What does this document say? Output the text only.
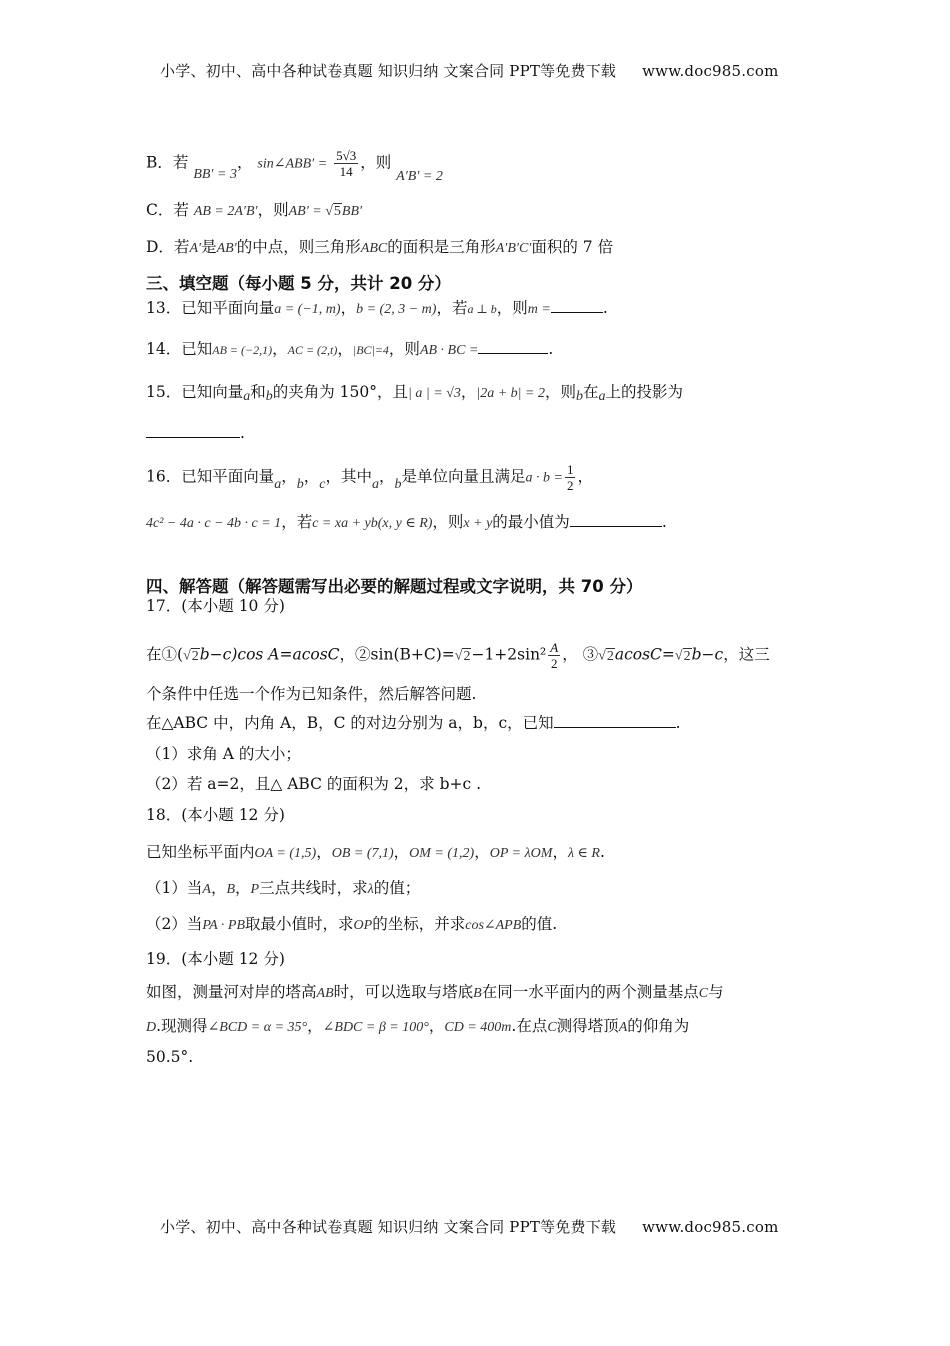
小学、初中、高中各种试卷真题 知识归纳 文案合同 PPT等免费下载 www.doc985.com
B．若 BB′ = 3， sin∠ABB′ = $\frac{5√3}{14}$ ，则 A′B′ = 2
C．若 AB = 2A′B′，则AB′ = √5BB′
D．若A′是AB′的中点，则三角形ABC的面积是三角形A′B′C′面积的 7 倍
三、填空题（每小题 5 分，共计 20 分）
13．已知平面向量a = (−1, m)，b = (2, 3 − m)，若a ⊥ b，则m =	.
14．已知AB = (−2,1)，AC = (2,t)，|BC|=4，则AB · BC =	.
15．已知向量a和b的夹角为 150°，且| a | = √3，|2a + b| = 2，则b在a上的投影为
.
16．已知平面向量a，b，c，其中a，b是单位向量且满足$a \cdot b = \frac{1}{2}$ ，
4c² − 4a · c − 4b · c = 1，若c = xa + yb(x, y ∈ R)，则x + y的最小值为	.
四、解答题（解答题需写出必要的解题过程或文字说明，共 70 分）
17．(本小题 10 分)
在①(√2b−c)cos A=acosC，②sin(B+C)=√2−1+2sin² $\frac{A}{2}$ ， ③√2acosC=√2b−c，这三
个条件中任选一个作为已知条件，然后解答问题.
在△ABC 中，内角 A，B，C 的对边分别为 a，b，c，已知	.
（1）求角 A 的大小；
（2）若 a=2，且△ ABC 的面积为 2，求 b+c .
18．(本小题 12 分)
已知坐标平面内OA = (1,5)，OB = (7,1)，OM = (1,2)，OP = λOM，λ ∈ R.
（1）当A，B，P三点共线时，求λ的值；
（2）当PA · PB取最小值时，求OP的坐标，并求cos∠APB的值.
19．(本小题 12 分)
如图，测量河对岸的塔高AB时，可以选取与塔底B在同一水平面内的两个测量基点C与
D.现测得∠BCD = α = 35°，∠BDC = β = 100°，CD = 400m.在点C测得塔顶A的仰角为
50.5°.
小学、初中、高中各种试卷真题 知识归纳 文案合同 PPT等免费下载 www.doc985.com
